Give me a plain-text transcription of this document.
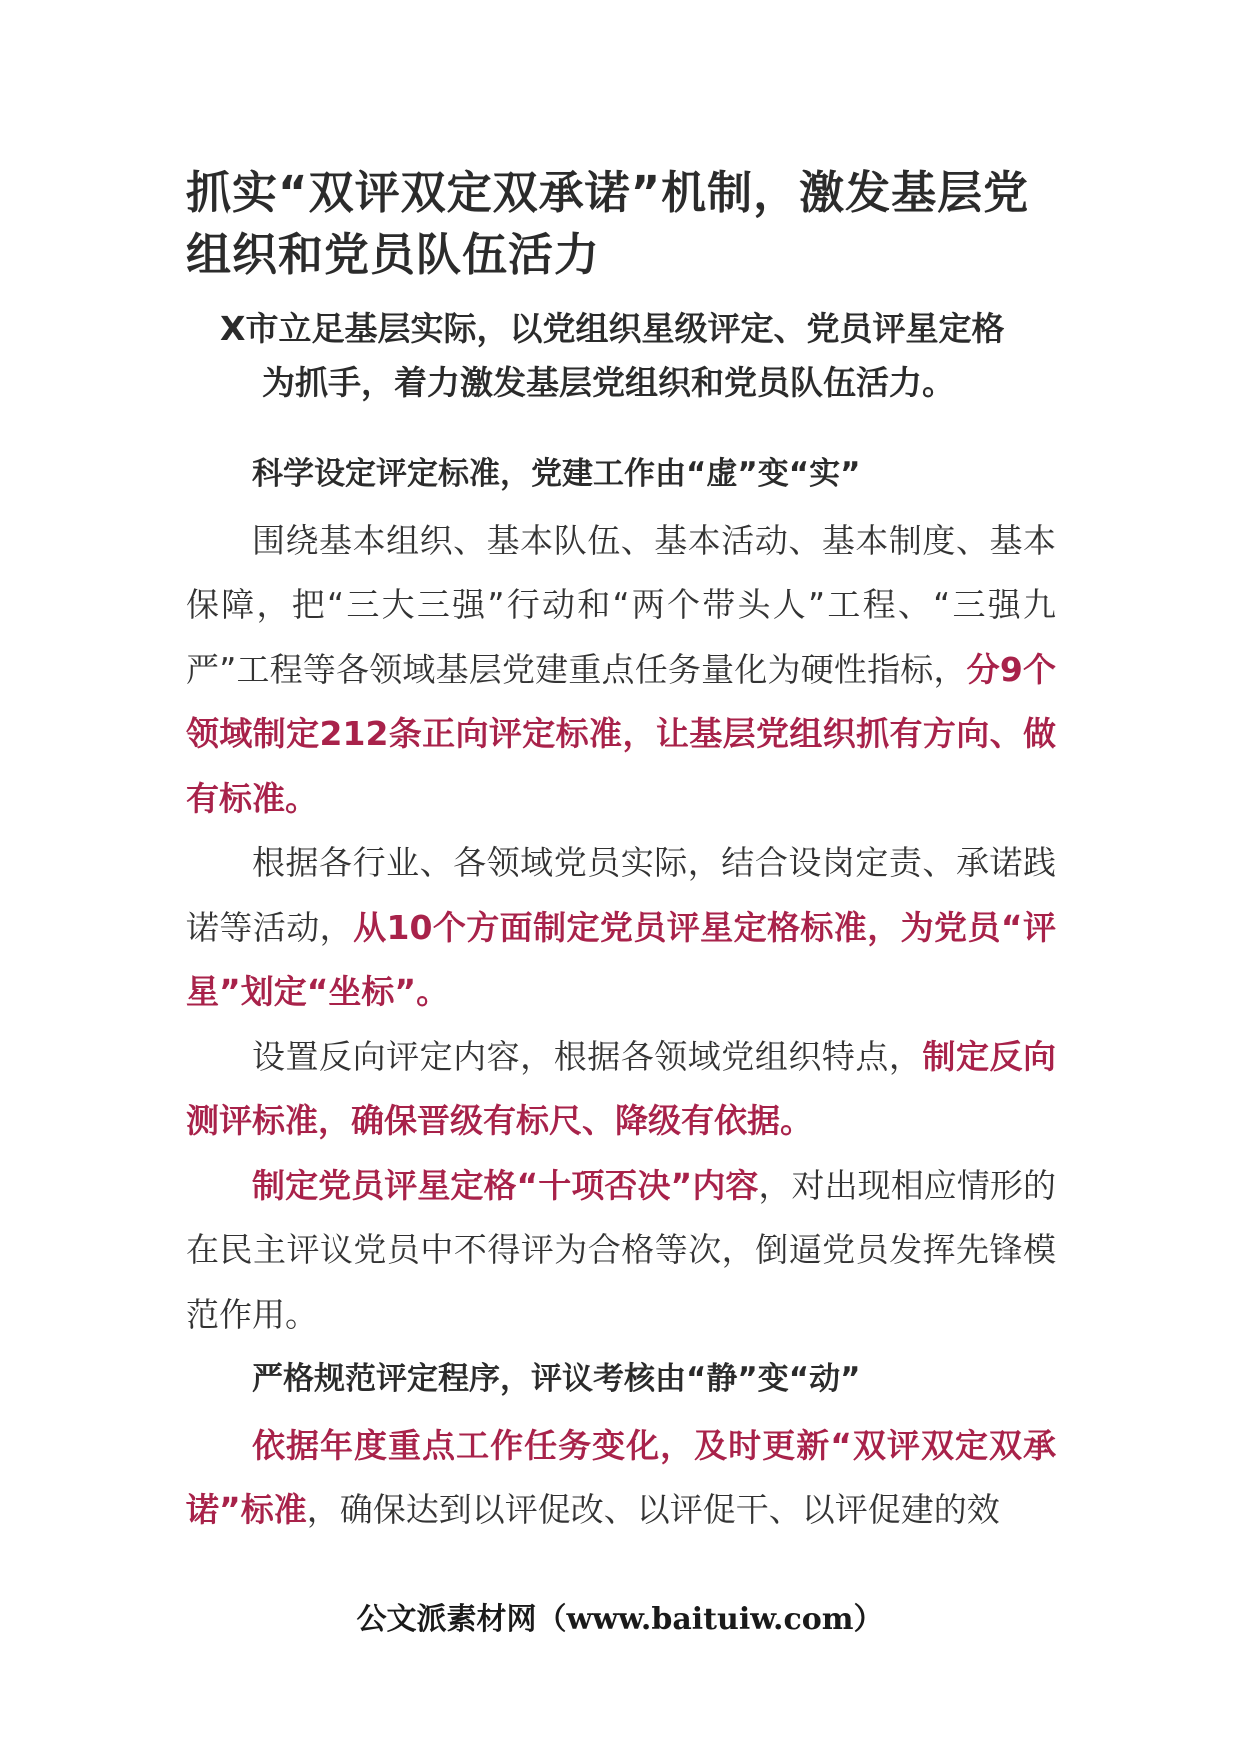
抓实“双评双定双承诺”机制，激发基层党组织和党员队伍活力
X市立足基层实际，以党组织星级评定、党员评星定格
为抓手，着力激发基层党组织和党员队伍活力。

科学设定评定标准，党建工作由“虚”变“实”

围绕基本组织、基本队伍、基本活动、基本制度、基本保障，把“三大三强”行动和“两个带头人”工程、“三强九严”工程等各领域基层党建重点任务量化为硬性指标，分9个领域制定212条正向评定标准，让基层党组织抓有方向、做有标准。

根据各行业、各领域党员实际，结合设岗定责、承诺践诺等活动，从10个方面制定党员评星定格标准，为党员“评星”划定“坐标”。

设置反向评定内容，根据各领域党组织特点，制定反向测评标准，确保晋级有标尺、降级有依据。

制定党员评星定格“十项否决”内容，对出现相应情形的在民主评议党员中不得评为合格等次，倒逼党员发挥先锋模范作用。

严格规范评定程序，评议考核由“静”变“动”

依据年度重点工作任务变化，及时更新“双评双定双承诺”标准，确保达到以评促改、以评促干、以评促建的效

公文派素材网（www.baituiw.com）
